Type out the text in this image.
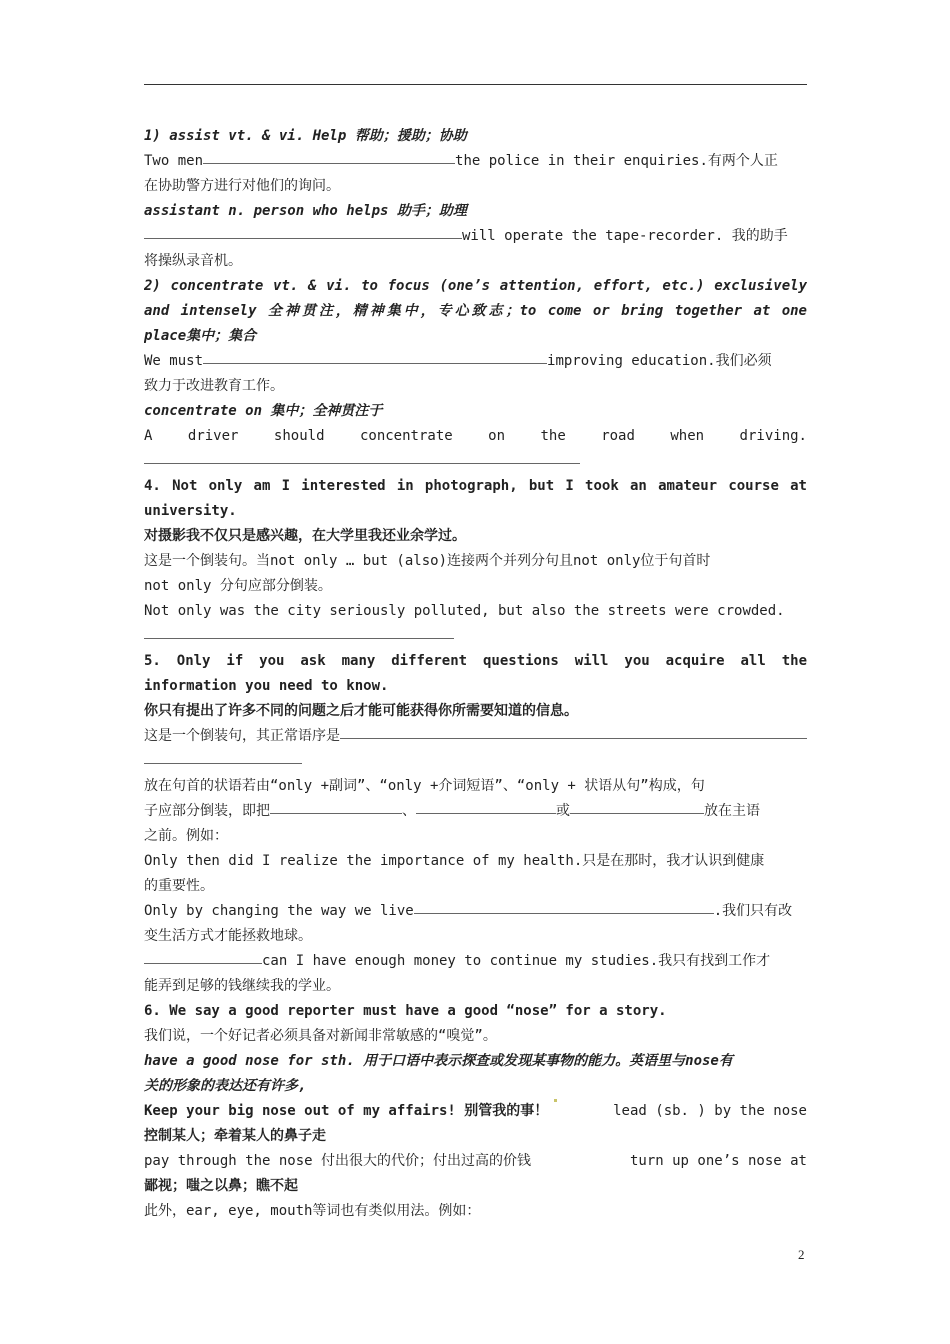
1) assist vt. & vi. Help 帮助；援助；协助
Two men	the police in their enquiries.有两个人正
在协助警方进行对他们的询问。
assistant n. person who helps 助手；助理
will operate the tape-recorder. 我的助手
将操纵录音机。
2) concentrate vt. & vi. to focus (one’s attention, effort, etc.) exclusively
and intensely 全神贯注，精神集中，专心致志；to come or bring together at one
place集中；集合
We must	improving education.我们必须
致力于改进教育工作。
concentrate on 集中；全神贯注于
A driver should concentrate on the road when driving.
4. Not only am I interested in photograph, but I took an amateur course at
university.
对摄影我不仅只是感兴趣，在大学里我还业余学过。
这是一个倒装句。当not only … but (also)连接两个并列分句且not only位于句首时
not only 分句应部分倒装。
Not only was the city seriously polluted, but also the streets were crowded.
5. Only if you ask many different questions will you acquire all the
information you need to know.
你只有提出了许多不同的问题之后才能可能获得你所需要知道的信息。
这是一个倒装句，其正常语序是
放在句首的状语若由“only +副词”、“only +介词短语”、“only + 状语从句”构成，句
子应部分倒装，即把	、	或	放在主语
之前。例如：
Only then did I realize the importance of my health.只是在那时，我才认识到健康
的重要性。
Only by changing the way we live	.我们只有改
变生活方式才能拯救地球。
can I have enough money to continue my studies.我只有找到工作才
能弄到足够的钱继续我的学业。
6. We say a good reporter must have a good “nose” for a story.
我们说，一个好记者必须具备对新闻非常敏感的“嗅觉”。
have a good nose for sth. 用于口语中表示探查或发现某事物的能力。英语里与nose有
关的形象的表达还有许多,
Keep your big nose out of my affairs! 别管我的事！	lead (sb. ) by the nose
控制某人；牵着某人的鼻子走
pay through the nose 付出很大的代价；付出过高的价钱	turn up one’s nose at
鄙视；嗤之以鼻；瞧不起
此外，ear, eye, mouth等词也有类似用法。例如：
2
